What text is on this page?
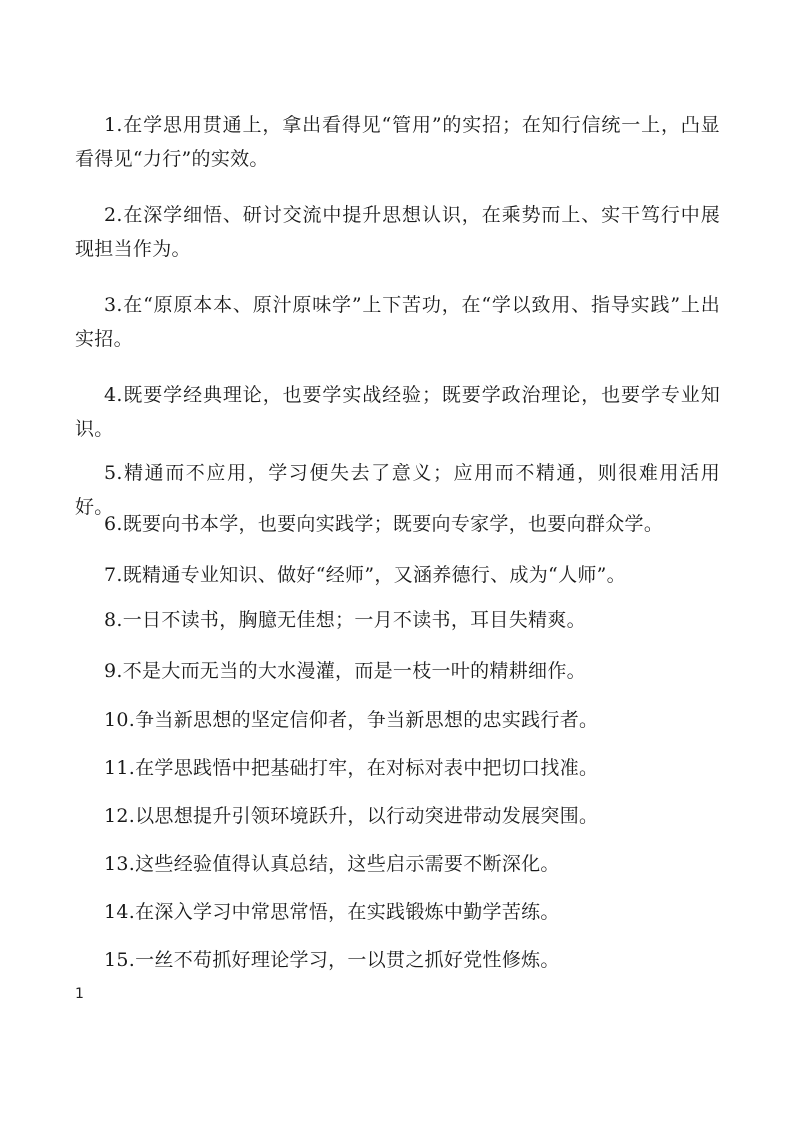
1.在学思用贯通上，拿出看得见“管用”的实招；在知行信统一上，凸显看得见“力行”的实效。

2.在深学细悟、研讨交流中提升思想认识，在乘势而上、实干笃行中展现担当作为。

3.在“原原本本、原汁原味学”上下苦功，在“学以致用、指导实践”上出实招。

4.既要学经典理论，也要学实战经验；既要学政治理论，也要学专业知识。

5.精通而不应用，学习便失去了意义；应用而不精通，则很难用活用好。

6.既要向书本学，也要向实践学；既要向专家学，也要向群众学。

7.既精通专业知识、做好“经师”，又涵养德行、成为“人师”。

8.一日不读书，胸臆无佳想；一月不读书，耳目失精爽。

9.不是大而无当的大水漫灌，而是一枝一叶的精耕细作。

10.争当新思想的坚定信仰者，争当新思想的忠实践行者。

11.在学思践悟中把基础打牢，在对标对表中把切口找准。

12.以思想提升引领环境跃升，以行动突进带动发展突围。

13.这些经验值得认真总结，这些启示需要不断深化。

14.在深入学习中常思常悟，在实践锻炼中勤学苦练。

15.一丝不苟抓好理论学习，一以贯之抓好党性修炼。

1
